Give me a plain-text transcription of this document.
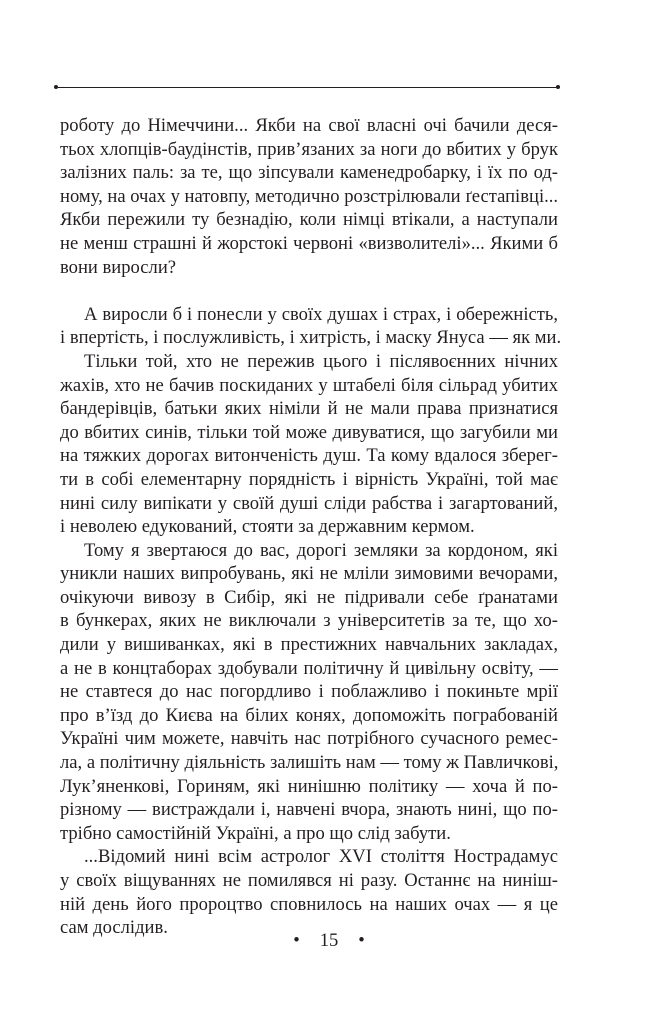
роботу до Німеччини... Якби на свої власні очі бачили деся-
тьох хлопців-баудінстів, прив’язаних за ноги до вбитих у брук
залізних паль: за те, що зіпсували каменедробарку, і їх по од-
ному, на очах у натовпу, методично розстрілювали ґестапівці...
Якби пережили ту безнадію, коли німці втікали, а наступали
не менш страшні й жорстокі червоні «визволителі»... Якими б
вони виросли?
А виросли б і понесли у своїх душах і страх, і обережність,
і впертість, і послужливість, і хитрість, і маску Януса — як ми.
Тільки той, хто не пережив цього і післявоєнних нічних
жахів, хто не бачив поскиданих у штабелі біля сільрад убитих
бандерівців, батьки яких німіли й не мали права признатися
до вбитих синів, тільки той може дивуватися, що загубили ми
на тяжких дорогах витонченість душ. Та кому вдалося зберег-
ти в собі елементарну порядність і вірність Україні, той має
нині силу випікати у своїй душі сліди рабства і загартований,
і неволею едукований, стояти за державним кермом.
Тому я звертаюся до вас, дорогі земляки за кордоном, які
уникли наших випробувань, які не мліли зимовими вечорами,
очікуючи вивозу в Сибір, які не підривали себе ґранатами
в бункерах, яких не виключали з університетів за те, що хо-
дили у вишиванках, які в престижних навчальних закладах,
а не в концтаборах здобували політичну й цивільну освіту, —
не ставтеся до нас погордливо і поблажливо і покиньте мрії
про в’їзд до Києва на білих конях, допоможіть пограбованій
Україні чим можете, навчіть нас потрібного сучасного ремес-
ла, а політичну діяльність залишіть нам — тому ж Павличкові,
Лук’яненкові, Гориням, які нинішню політику — хоча й по-
різному — вистраждали і, навчені вчора, знають нині, що по-
трібно самостійній Україні, а про що слід забути.
...Відомий нині всім астролог XVI століття Нострадамус
у своїх віщуваннях не помилявся ні разу. Останнє на нинiш-
ній день його пророцтво сповнилось на наших очах — я це
сам дослідив.
• 15 •
